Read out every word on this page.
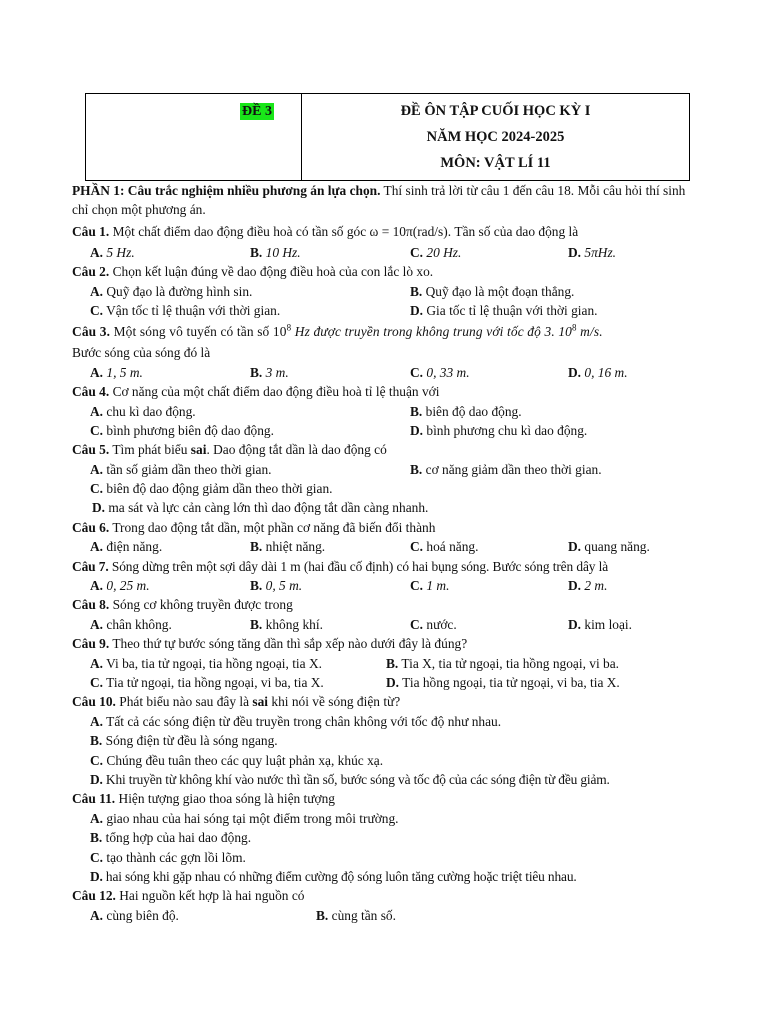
ĐỀ 3	ĐỀ ÔN TẬP CUỐI HỌC KỲ I
NĂM HỌC 2024-2025
MÔN: VẬT LÍ 11
PHẦN 1: Câu trắc nghiệm nhiều phương án lựa chọn. Thí sinh trả lời từ câu 1 đến câu 18. Mỗi câu hỏi thí sinh chỉ chọn một phương án.
Câu 1. Một chất điểm dao động điều hoà có tần số góc ω = 10π(rad/s). Tần số của dao động là
A. 5 Hz.	B. 10 Hz.	C. 20 Hz.	D. 5πHz.
Câu 2. Chọn kết luận đúng về dao động điều hoà của con lắc lò xo.
A. Quỹ đạo là đường hình sin.	B. Quỹ đạo là một đoạn thẳng.
C. Vận tốc tỉ lệ thuận với thời gian.	D. Gia tốc tỉ lệ thuận với thời gian.
Câu 3. Một sóng vô tuyến có tần số $10^8$ Hz được truyền trong không trung với tốc độ 3. $10^8$ m/s.
Bước sóng của sóng đó là
A. 1, 5 m.	B. 3 m.	C. 0, 33 m.	D. 0, 16 m.
Câu 4. Cơ năng của một chất điểm dao động điều hoà tỉ lệ thuận với
A. chu kì dao động.	B. biên độ dao động.
C. bình phương biên độ dao động.	D. bình phương chu kì dao động.
Câu 5. Tìm phát biểu sai. Dao động tắt dần là dao động có
A. tần số giảm dần theo thời gian.	B. cơ năng giảm dần theo thời gian.
C. biên độ dao động giảm dần theo thời gian.
D. ma sát và lực cản càng lớn thì dao động tắt dần càng nhanh.
Câu 6. Trong dao động tắt dần, một phần cơ năng đã biến đổi thành
A. điện năng.	B. nhiệt năng.	C. hoá năng.	D. quang năng.
Câu 7. Sóng dừng trên một sợi dây dài 1 m (hai đầu cố định) có hai bụng sóng. Bước sóng trên dây là
A. 0, 25 m.	B. 0, 5 m.	C. 1 m.	D. 2 m.
Câu 8. Sóng cơ không truyền được trong
A. chân không.	B. không khí.	C. nước.	D. kim loại.
Câu 9. Theo thứ tự bước sóng tăng dần thì sắp xếp nào dưới đây là đúng?
A. Vi ba, tia tử ngoại, tia hồng ngoại, tia X.	B. Tia X, tia tử ngoại, tia hồng ngoại, vi ba.
C. Tia tử ngoại, tia hồng ngoại, vi ba, tia X.	D. Tia hồng ngoại, tia tử ngoại, vi ba, tia X.
Câu 10. Phát biểu nào sau đây là sai khi nói về sóng điện từ?
A. Tất cả các sóng điện từ đều truyền trong chân không với tốc độ như nhau.
B. Sóng điện từ đều là sóng ngang.
C. Chúng đều tuân theo các quy luật phản xạ, khúc xạ.
D. Khi truyền từ không khí vào nước thì tần số, bước sóng và tốc độ của các sóng điện từ đều giảm.
Câu 11. Hiện tượng giao thoa sóng là hiện tượng
A. giao nhau của hai sóng tại một điểm trong môi trường.
B. tổng hợp của hai dao động.
C. tạo thành các gợn lồi lõm.
D. hai sóng khi gặp nhau có những điểm cường độ sóng luôn tăng cường hoặc triệt tiêu nhau.
Câu 12. Hai nguồn kết hợp là hai nguồn có
A. cùng biên độ.	B. cùng tần số.
